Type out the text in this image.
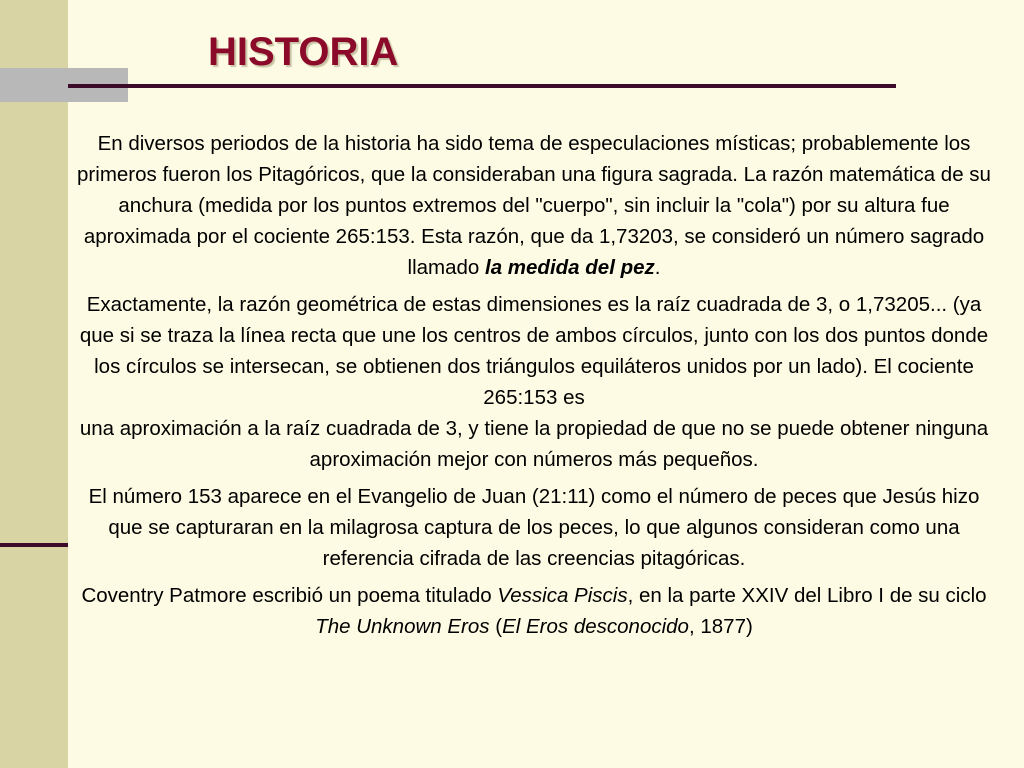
HISTORIA

En diversos periodos de la historia ha sido tema de especulaciones místicas; probablemente los primeros fueron los Pitagóricos, que la consideraban una figura sagrada. La razón matemática de su anchura (medida por los puntos extremos del "cuerpo", sin incluir la "cola") por su altura fue aproximada por el cociente 265:153. Esta razón, que da 1,73203, se consideró un número sagrado llamado la medida del pez.

Exactamente, la razón geométrica de estas dimensiones es la raíz cuadrada de 3, o 1,73205... (ya que si se traza la línea recta que une los centros de ambos círculos, junto con los dos puntos donde los círculos se intersecan, se obtienen dos triángulos equiláteros unidos por un lado). El cociente 265:153 es
una aproximación a la raíz cuadrada de 3, y tiene la propiedad de que no se puede obtener ninguna aproximación mejor con números más pequeños.

El número 153 aparece en el Evangelio de Juan (21:11) como el número de peces que Jesús hizo que se capturaran en la milagrosa captura de los peces, lo que algunos consideran como una referencia cifrada de las creencias pitagóricas.

Coventry Patmore escribió un poema titulado Vessica Piscis, en la parte XXIV del Libro I de su ciclo The Unknown Eros (El Eros desconocido, 1877)
